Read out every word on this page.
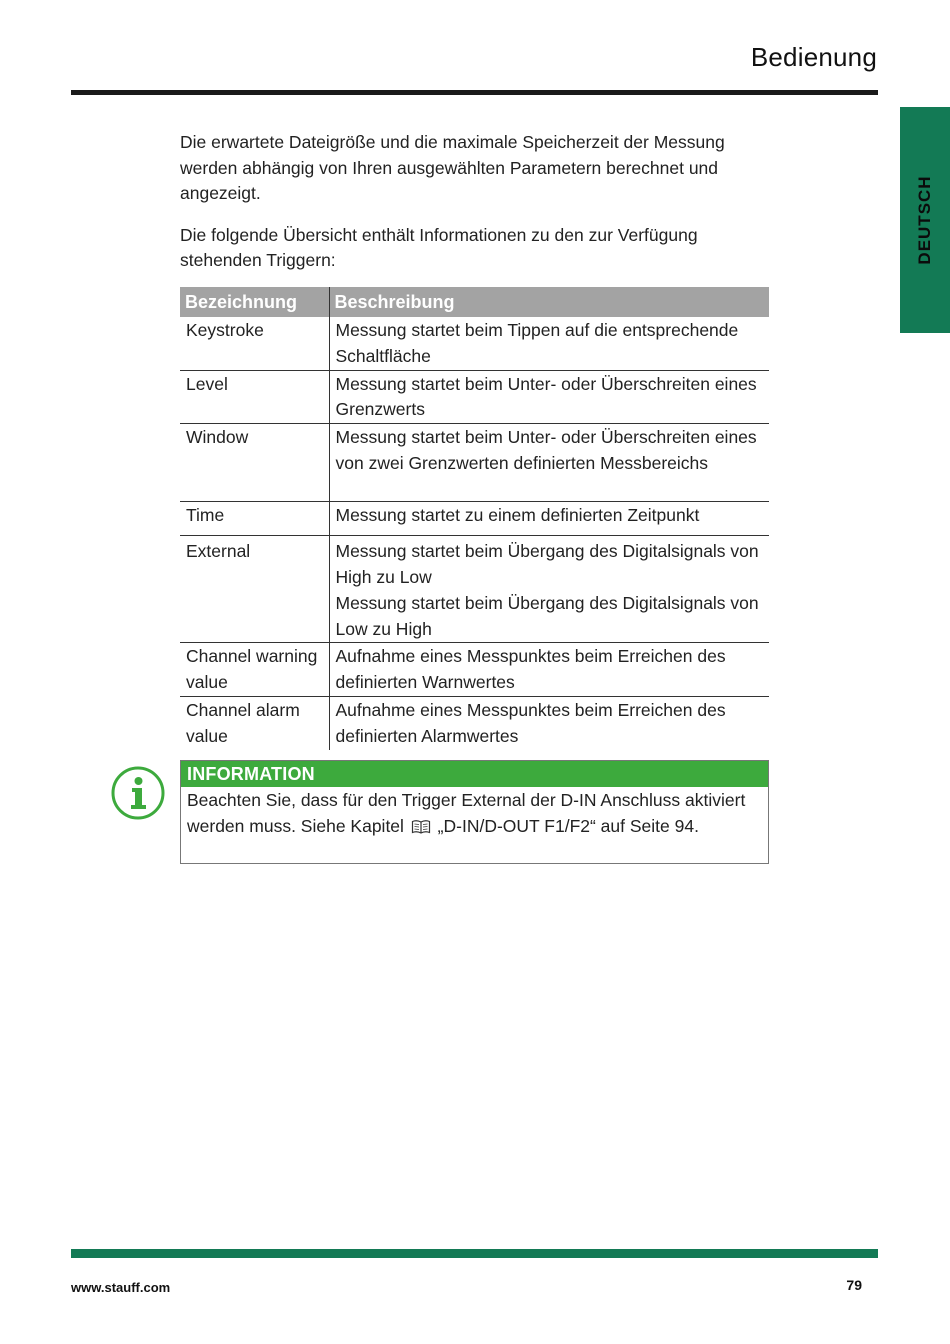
Bedienung
DEUTSCH

Die erwartete Dateigröße und die maximale Speicherzeit der Messung werden abhängig von Ihren ausgewählten Parametern berechnet und angezeigt.

Die folgende Übersicht enthält Informationen zu den zur Verfügung stehenden Triggern:

Bezeichnung	Beschreibung
Keystroke	Messung startet beim Tippen auf die entsprechende Schaltfläche
Level	Messung startet beim Unter- oder Überschreiten eines Grenzwerts
Window	Messung startet beim Unter- oder Überschreiten eines von zwei Grenzwerten definierten Messbereichs
Time	Messung startet zu einem definierten Zeitpunkt
External	Messung startet beim Übergang des Digitalsignals von High zu Low
Messung startet beim Übergang des Digitalsignals von Low zu High

Channel warning value	Aufnahme eines Messpunktes beim Erreichen des definierten Warnwertes
Channel alarm value	Aufnahme eines Messpunktes beim Erreichen des definierten Alarmwertes
INFORMATION
Beachten Sie, dass für den Trigger External der D-IN Anschluss aktiviert werden muss. Siehe Kapitel „D-IN/D-OUT F1/F2“ auf Seite 94.
www.stauff.com	79
